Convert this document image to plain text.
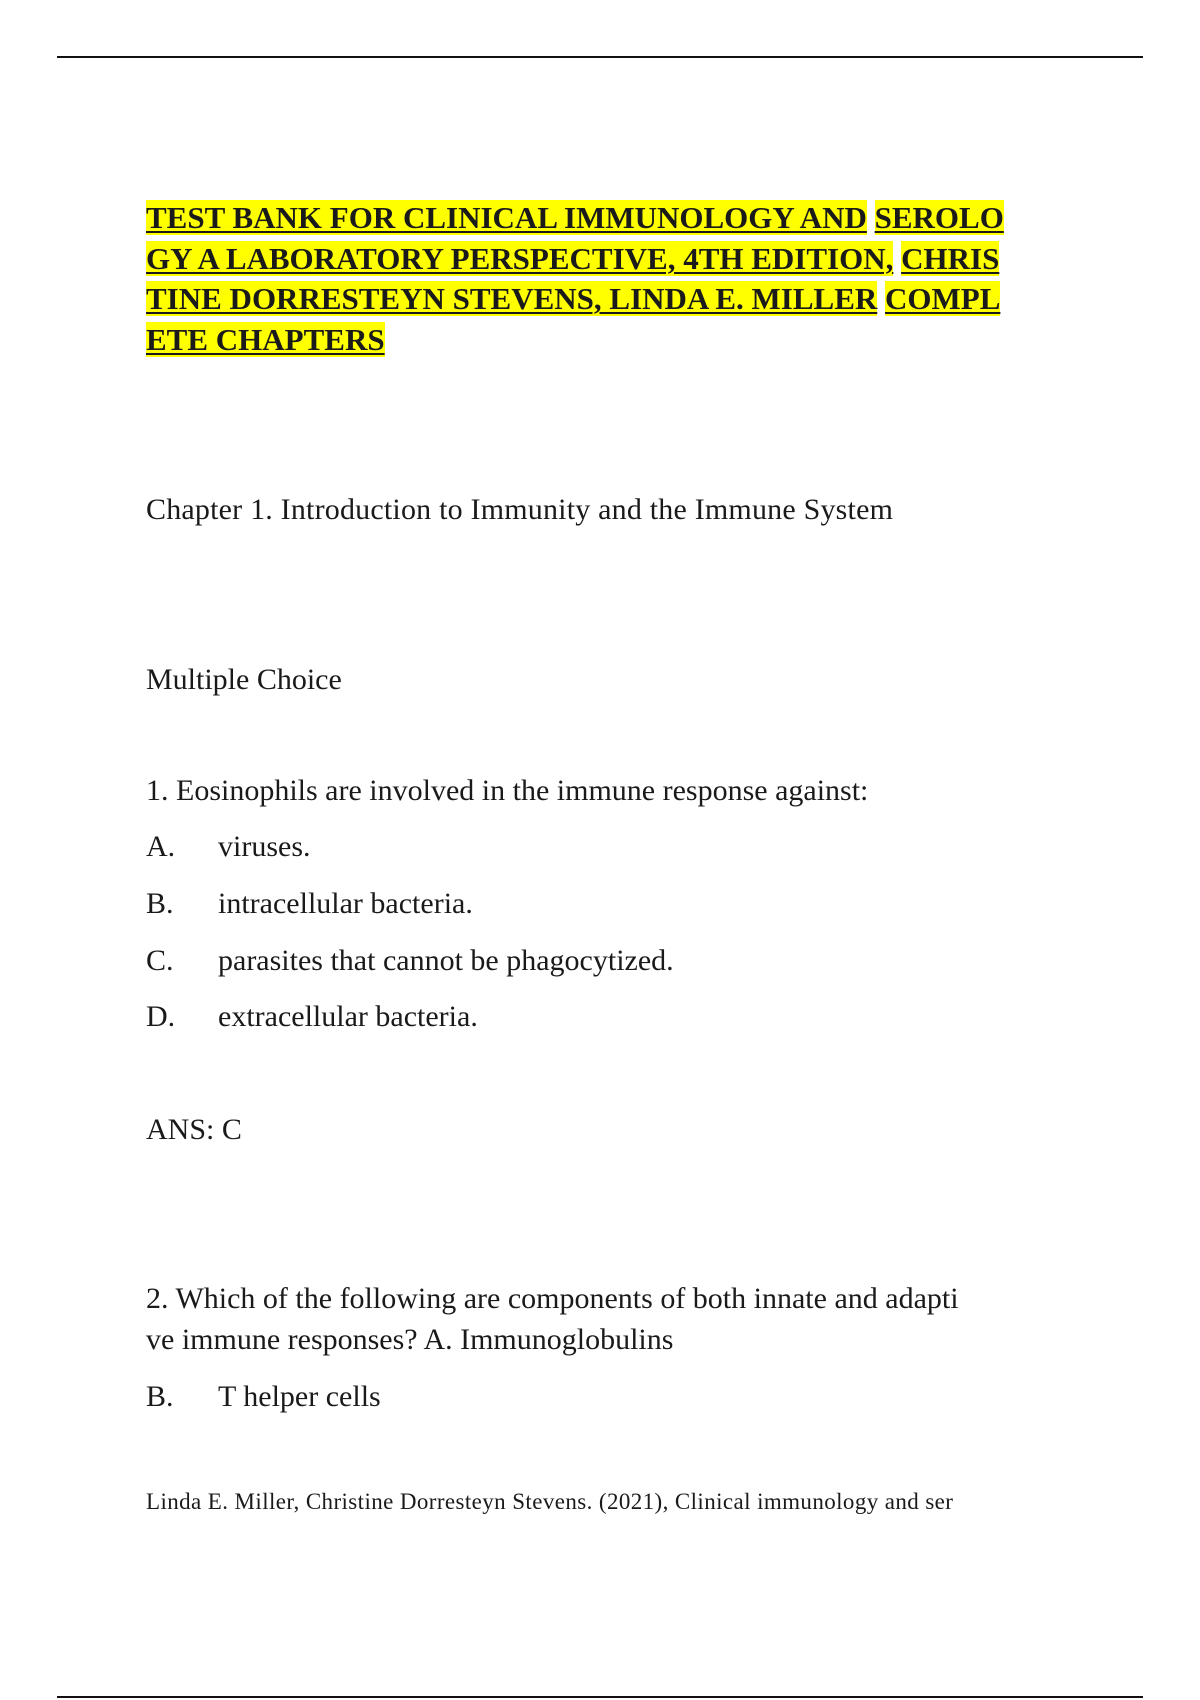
TEST BANK FOR CLINICAL IMMUNOLOGY AND SEROLO
GY A LABORATORY PERSPECTIVE, 4TH EDITION, CHRIS
TINE DORRESTEYN STEVENS, LINDA E. MILLER COMPL
ETE CHAPTERS
Chapter 1. Introduction to Immunity and the Immune System
Multiple Choice
1. Eosinophils are involved in the immune response against:
A. viruses.
B. intracellular bacteria.
C. parasites that cannot be phagocytized.
D. extracellular bacteria.
ANS: C
2. Which of the following are components of both innate and adapti
ve immune responses? A. Immunoglobulins
B. T helper cells
Linda E. Miller, Christine Dorresteyn Stevens. (2021), Clinical immunology and ser
